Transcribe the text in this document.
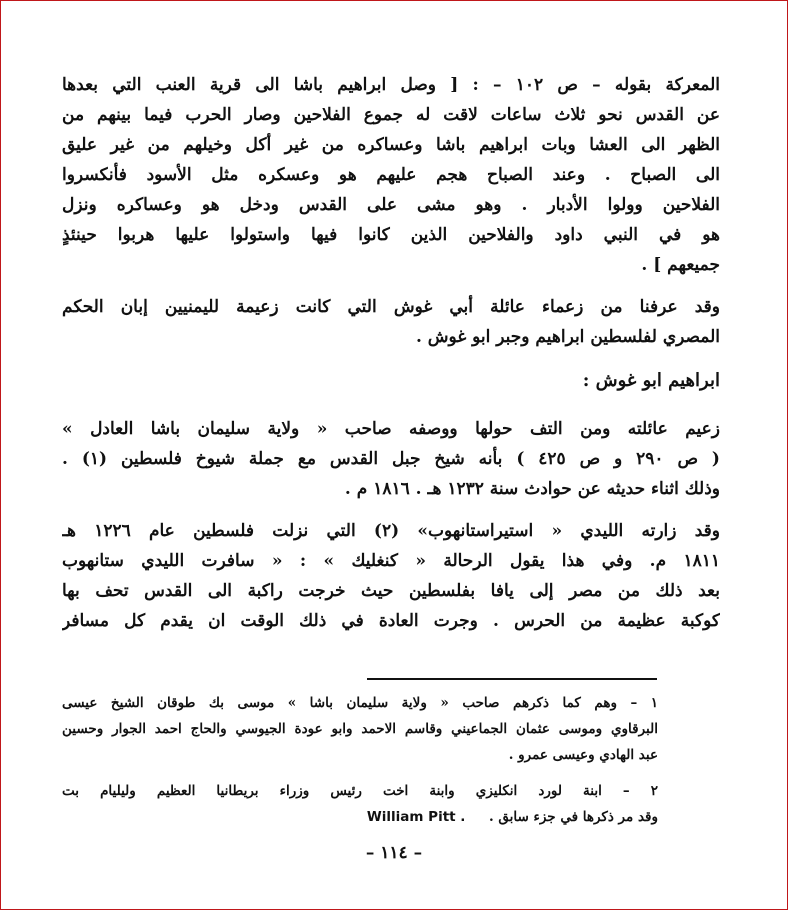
المعركة بقوله – ص ١٠٢ – : [ وصل ابراهيم باشا الى قرية العنب التي بعدها
عن القدس نحو ثلاث ساعات لاقت له جموع الفلاحين وصار الحرب فيما بينهم من
الظهر الى العشا وبات ابراهيم باشا وعساكره من غير أكل وخيلهم من غير عليق
الى الصباح . وعند الصباح هجم عليهم هو وعسكره مثل الأسود فأنكسروا
الفلاحين وولوا الأدبار . وهو مشى على القدس ودخل هو وعساكره ونزل
هو في النبي داود والفلاحين الذين كانوا فيها واستولوا عليها هربوا حينئذٍ
جميعهم ] .
وقد عرفنا من زعماء عائلة أبي غوش التي كانت زعيمة لليمنيين إبان الحكم
المصري لفلسطين ابراهيم وجبر ابو غوش .
ابراهيم ابو غوش :
زعيم عائلته ومن التف حولها ووصفه صاحب « ولاية سليمان باشا العادل »
( ص ٢٩٠ و ص ٤٢٥ ) بأنه شيخ جبل القدس مع جملة شيوخ فلسطين (١) .
وذلك اثناء حديثه عن حوادث سنة ١٢٣٢ هـ . ١٨١٦ م .
وقد زارته الليدي « استيراستانهوب» (٢) التي نزلت فلسطين عام ١٢٢٦ هـ
١٨١١ م. وفي هذا يقول الرحالة « كنغليك » : « سافرت الليدي ستانهوب
بعد ذلك من مصر إلى يافا بفلسطين حيث خرجت راكبة الى القدس تحف بها
كوكبة عظيمة من الحرس . وجرت العادة في ذلك الوقت ان يقدم كل مسافر
١ – وهم كما ذكرهم صاحب « ولاية سليمان باشا » موسى بك طوقان الشيخ عيسى
البرقاوي وموسى عثمان الجماعيني وقاسم الاحمد وابو عودة الجيوسي والحاج احمد الجوار وحسين
عبد الهادي وعيسى عمرو .
٢ – ابنة لورد انكليزي وابنة اخت رئيس وزراء بريطانيا العظيم وليليام بت
وقد مر ذكرها في جزء سابق .     William Pitt .
– ١١٤ –
